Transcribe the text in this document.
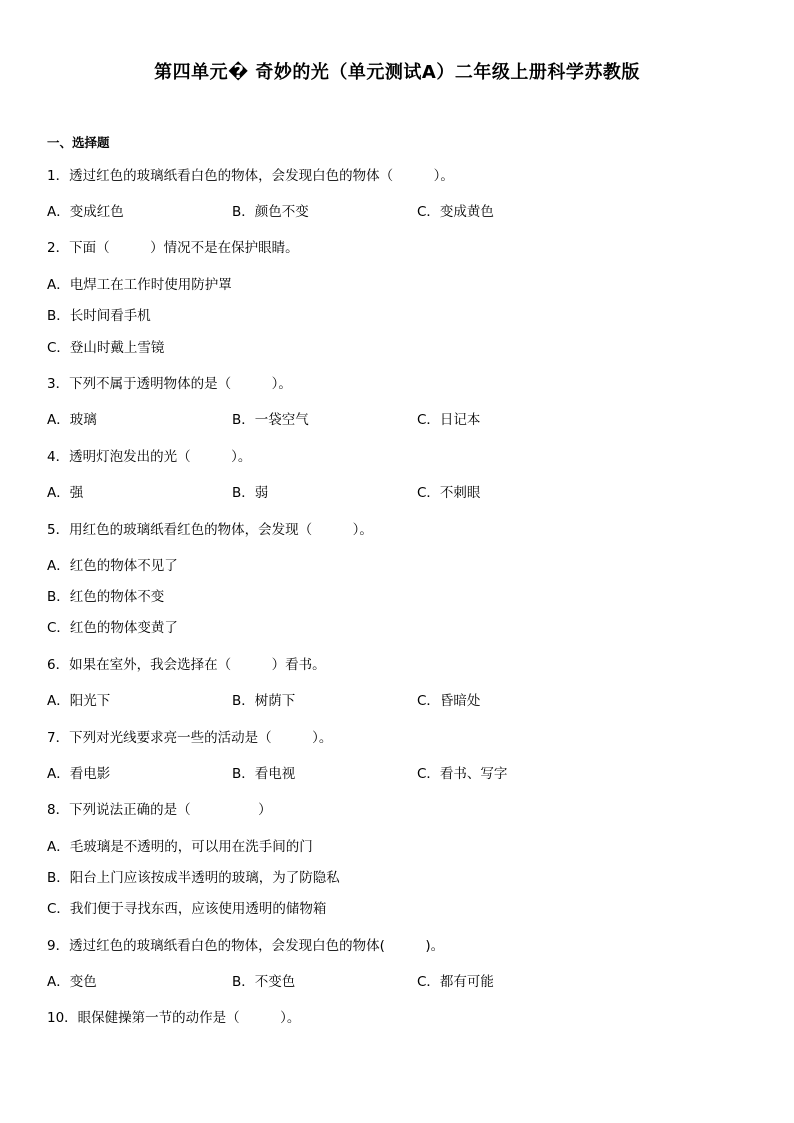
第四单元� 奇妙的光（单元测试A）二年级上册科学苏教版
一、选择题
1．透过红色的玻璃纸看白色的物体，会发现白色的物体（　　　）。
A．变成红色	B．颜色不变	C．变成黄色
2．下面（　　　）情况不是在保护眼睛。
A．电焊工在工作时使用防护罩
B．长时间看手机
C．登山时戴上雪镜
3．下列不属于透明物体的是（　　　）。
A．玻璃	B．一袋空气	C．日记本
4．透明灯泡发出的光（　　　）。
A．强	B．弱	C．不刺眼
5．用红色的玻璃纸看红色的物体，会发现（　　　）。
A．红色的物体不见了
B．红色的物体不变
C．红色的物体变黄了
6．如果在室外，我会选择在（　　　）看书。
A．阳光下	B．树荫下	C．昏暗处
7．下列对光线要求亮一些的活动是（　　　）。
A．看电影	B．看电视	C．看书、写字
8．下列说法正确的是（　　　　　）
A．毛玻璃是不透明的，可以用在洗手间的门
B．阳台上门应该按成半透明的玻璃，为了防隐私
C．我们便于寻找东西，应该使用透明的储物箱
9．透过红色的玻璃纸看白色的物体，会发现白色的物体(　　　)。
A．变色	B．不变色	C．都有可能
10．眼保健操第一节的动作是（　　　）。
